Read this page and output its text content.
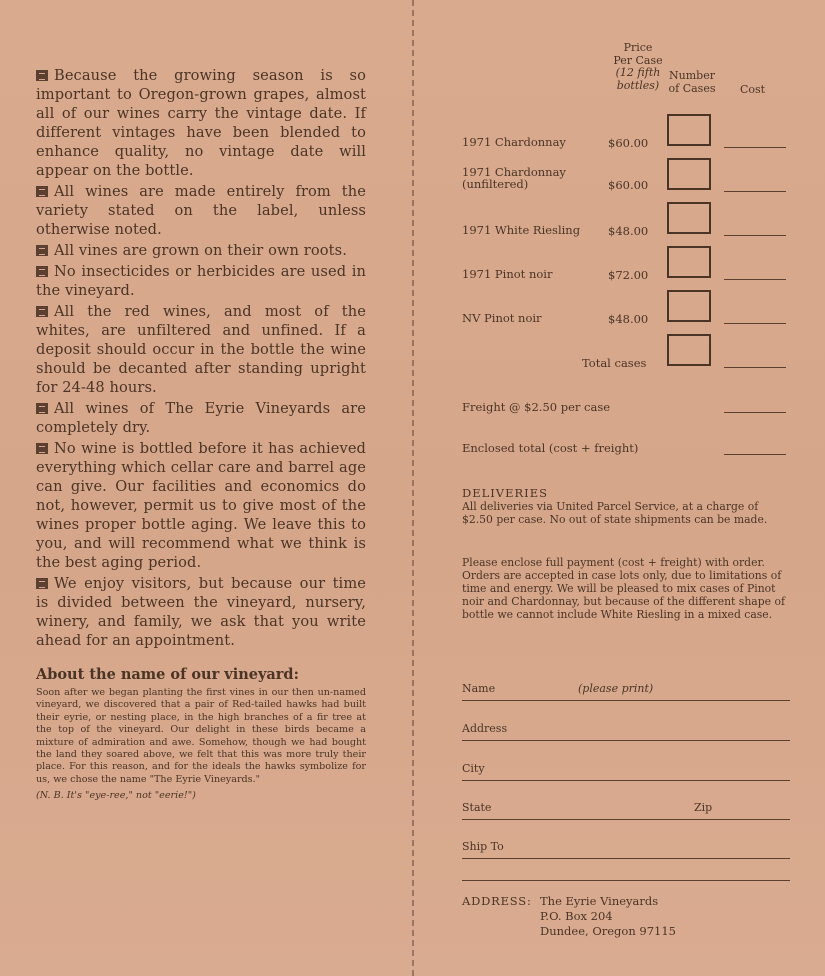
Because the growing season is so important to Oregon-grown grapes, almost all of our wines carry the vintage date. If different vintages have been blended to enhance quality, no vintage date will appear on the bottle.

All wines are made entirely from the variety stated on the label, unless otherwise noted.

All vines are grown on their own roots.

No insecticides or herbicides are used in the vineyard.

All the red wines, and most of the whites, are unfiltered and unfined. If a deposit should occur in the bottle the wine should be decanted after standing upright for 24-48 hours.

All wines of The Eyrie Vineyards are completely dry.

No wine is bottled before it has achieved everything which cellar care and barrel age can give. Our facilities and economics do not, however, permit us to give most of the wines proper bottle aging. We leave this to you, and will recommend what we think is the best aging period.

We enjoy visitors, but because our time is divided between the vineyard, nursery, winery, and family, we ask that you write ahead for an appointment.

About the name of our vineyard:

Soon after we began planting the first vines in our then un-named vineyard, we discovered that a pair of Red-tailed hawks had built their eyrie, or nesting place, in the high branches of a fir tree at the top of the vineyard. Our delight in these birds became a mixture of admiration and awe. Somehow, though we had bought the land they soared above, we felt that this was more truly their place. For this reason, and for the ideals the hawks symbolize for us, we chose the name "The Eyrie Vineyards."

(N. B. It's "eye-ree," not "eerie!")

Price
Per Case
(12 fifth
bottles)
Number
of Cases	Cost
1971 Chardonnay	$60.00
1971 Chardonnay (unfiltered)	$60.00
1971 White Riesling $48.00
1971 Pinot noir	$72.00
NV Pinot noir	$48.00
Total cases
Freight @ $2.50 per case
Enclosed total (cost + freight)
DELIVERIES

All deliveries via United Parcel Service, at a charge of $2.50 per case. No out of state shipments can be made.

Please enclose full payment (cost + freight) with order. Orders are accepted in case lots only, due to limitations of time and energy. We will be pleased to mix cases of Pinot noir and Chardonnay, but because of the different shape of bottle we cannot include White Riesling in a mixed case.

Name	(please print)
Address
City
State	Zip
Ship To
ADDRESS: The Eyrie Vineyards
P.O. Box 204
Dundee, Oregon 97115
